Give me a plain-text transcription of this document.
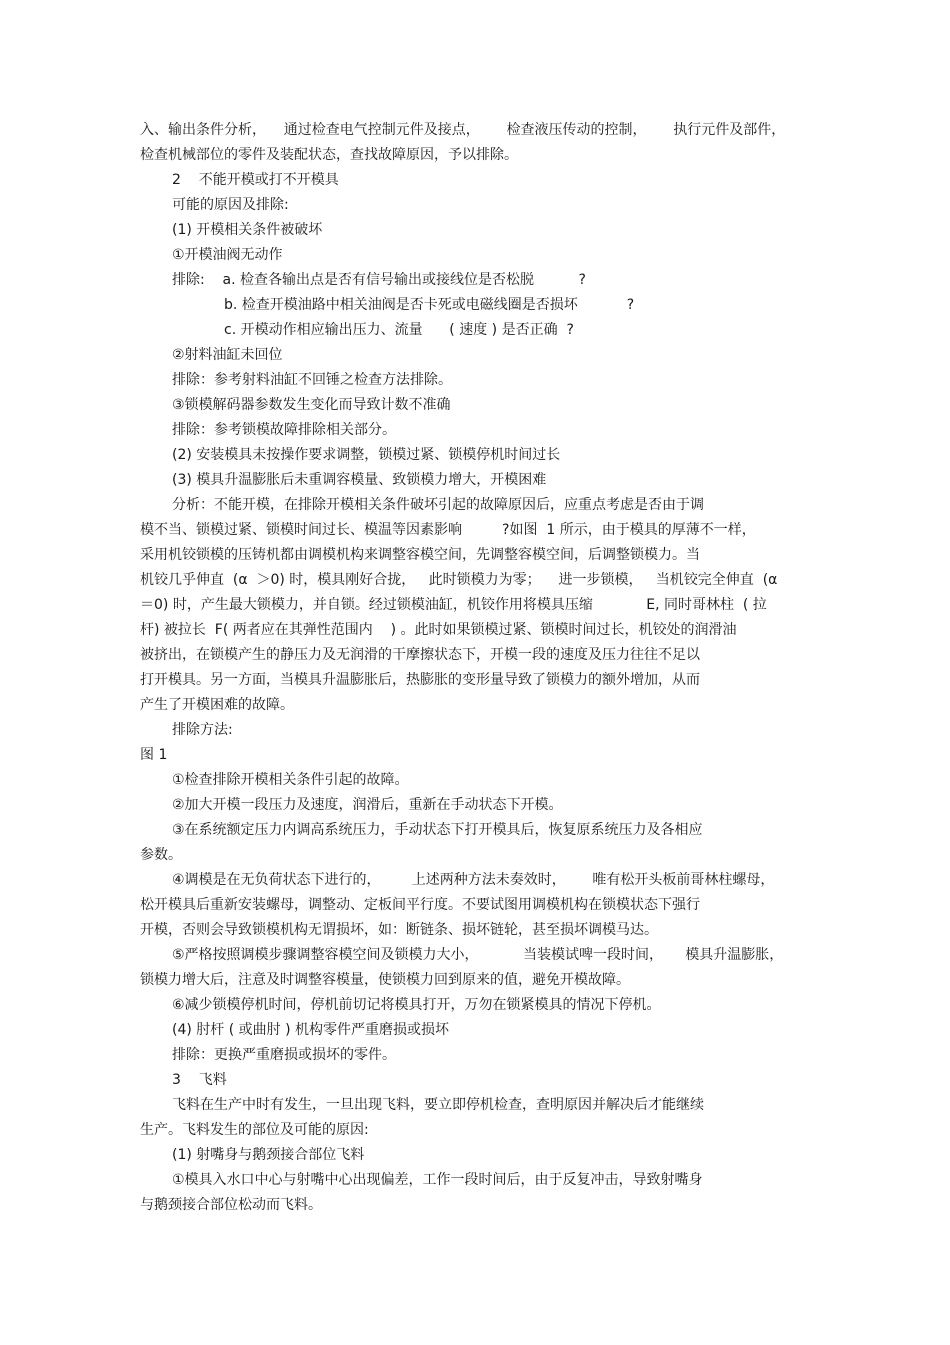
入、输出条件分析，    通过检查电气控制元件及接点，      检查液压传动的控制，      执行元件及部件，
检查机械部位的零件及装配状态，查找故障原因，予以排除。
2    不能开模或打不开模具
可能的原因及排除:
(1) 开模相关条件被破坏
①开模油阀无动作
排除:    a. 检查各输出点是否有信号输出或接线位是否松脱          ?
b. 检查开模油路中相关油阀是否卡死或电磁线圈是否损坏           ?
c. 开模动作相应输出压力、流量      ( 速度 ) 是否正确  ?
②射料油缸未回位
排除：参考射料油缸不回锤之检查方法排除。
③锁模解码器参数发生变化而导致计数不准确
排除：参考锁模故障排除相关部分。
(2) 安装模具未按操作要求调整，锁模过紧、锁模停机时间过长
(3) 模具升温膨胀后未重调容模量、致锁模力增大，开模困难
分析：不能开模，在排除开模相关条件破坏引起的故障原因后，应重点考虑是否由于调
模不当、锁模过紧、锁模时间过长、模温等因素影响         ?如图  1 所示，由于模具的厚薄不一样，
采用机铰锁模的压铸机都由调模机构来调整容模空间，先调整容模空间，后调整锁模力。当
机铰几乎伸直  (α  ＞0) 时，模具刚好合拢，   此时锁模力为零；    进一步锁模，   当机铰完全伸直  (α
＝0) 时，产生最大锁模力，并自锁。经过锁模油缸，机铰作用将模具压缩            E, 同时哥林柱  ( 拉
杆) 被拉长  F( 两者应在其弹性范围内    ) 。此时如果锁模过紧、锁模时间过长，机铰处的润滑油
被挤出，在锁模产生的静压力及无润滑的干摩擦状态下，开模一段的速度及压力往往不足以
打开模具。另一方面，当模具升温膨胀后，热膨胀的变形量导致了锁模力的额外增加，从而
产生了开模困难的故障。
排除方法:
图 1
①检查排除开模相关条件引起的故障。
②加大开模一段压力及速度，润滑后，重新在手动状态下开模。
③在系统额定压力内调高系统压力，手动状态下打开模具后，恢复原系统压力及各相应
参数。
④调模是在无负荷状态下进行的，       上述两种方法未奏效时，      唯有松开头板前哥林柱螺母，
松开模具后重新安装螺母，调整动、定板间平行度。不要试图用调模机构在锁模状态下强行
开模，否则会导致锁模机构无谓损坏，如：断链条、损坏链轮，甚至损坏调模马达。
⑤严格按照调模步骤调整容模空间及锁模力大小，          当装模试啤一段时间，     模具升温膨胀，
锁模力增大后，注意及时调整容模量，使锁模力回到原来的值，避免开模故障。
⑥减少锁模停机时间，停机前切记将模具打开，万勿在锁紧模具的情况下停机。
(4) 肘杆 ( 或曲肘 ) 机构零件严重磨损或损坏
排除：更换严重磨损或损坏的零件。
3    飞料
飞料在生产中时有发生，一旦出现飞料，要立即停机检查，查明原因并解决后才能继续
生产。飞料发生的部位及可能的原因:
(1) 射嘴身与鹅颈接合部位飞料
①模具入水口中心与射嘴中心出现偏差，工作一段时间后，由于反复冲击，导致射嘴身
与鹅颈接合部位松动而飞料。
